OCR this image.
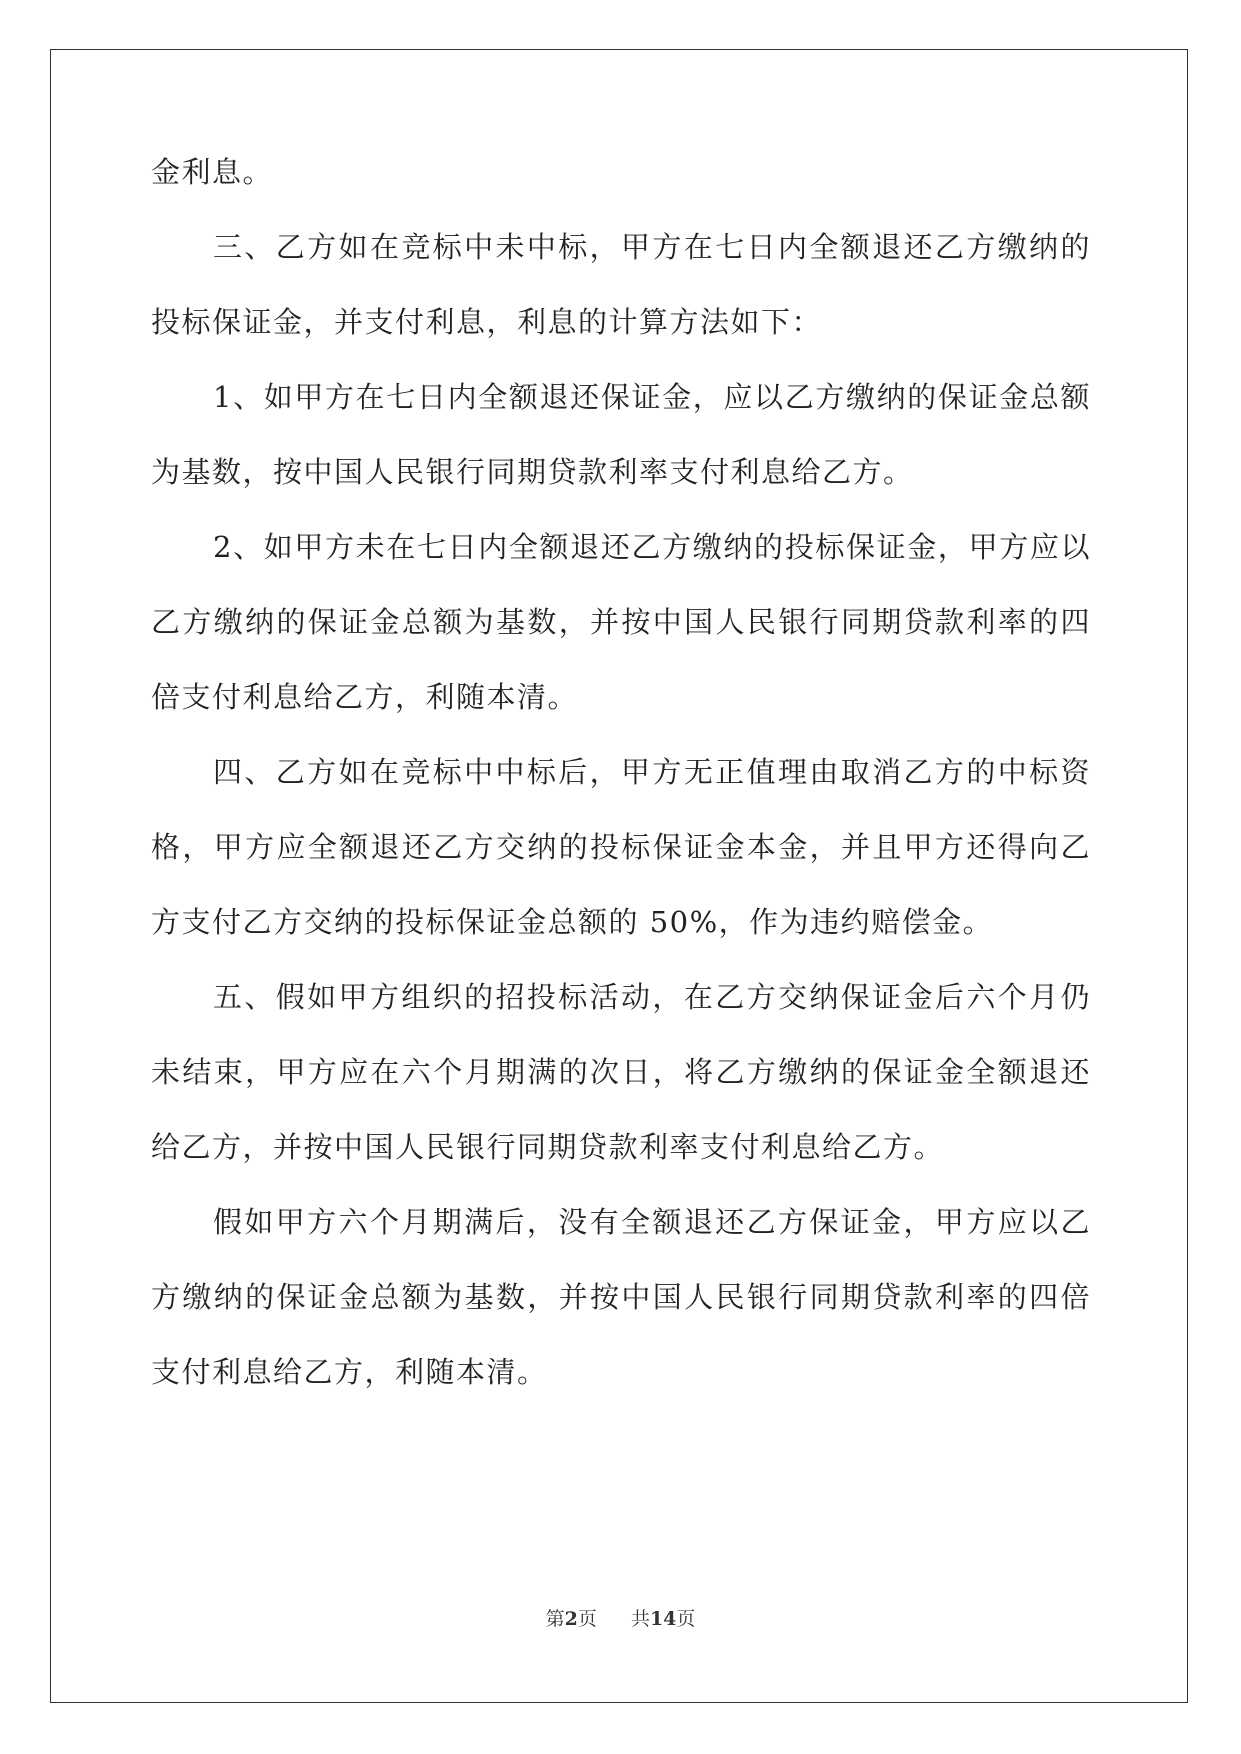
金利息。

三、乙方如在竞标中未中标，甲方在七日内全额退还乙方缴纳的

投标保证金，并支付利息，利息的计算方法如下：

1、如甲方在七日内全额退还保证金，应以乙方缴纳的保证金总额

为基数，按中国人民银行同期贷款利率支付利息给乙方。

2、如甲方未在七日内全额退还乙方缴纳的投标保证金，甲方应以

乙方缴纳的保证金总额为基数，并按中国人民银行同期贷款利率的四

倍支付利息给乙方，利随本清。

四、乙方如在竞标中中标后，甲方无正值理由取消乙方的中标资

格，甲方应全额退还乙方交纳的投标保证金本金，并且甲方还得向乙

方支付乙方交纳的投标保证金总额的 50%，作为违约赔偿金。

五、假如甲方组织的招投标活动，在乙方交纳保证金后六个月仍

未结束，甲方应在六个月期满的次日，将乙方缴纳的保证金全额退还

给乙方，并按中国人民银行同期贷款利率支付利息给乙方。

假如甲方六个月期满后，没有全额退还乙方保证金，甲方应以乙

方缴纳的保证金总额为基数，并按中国人民银行同期贷款利率的四倍

支付利息给乙方，利随本清。

第2页 共14页
